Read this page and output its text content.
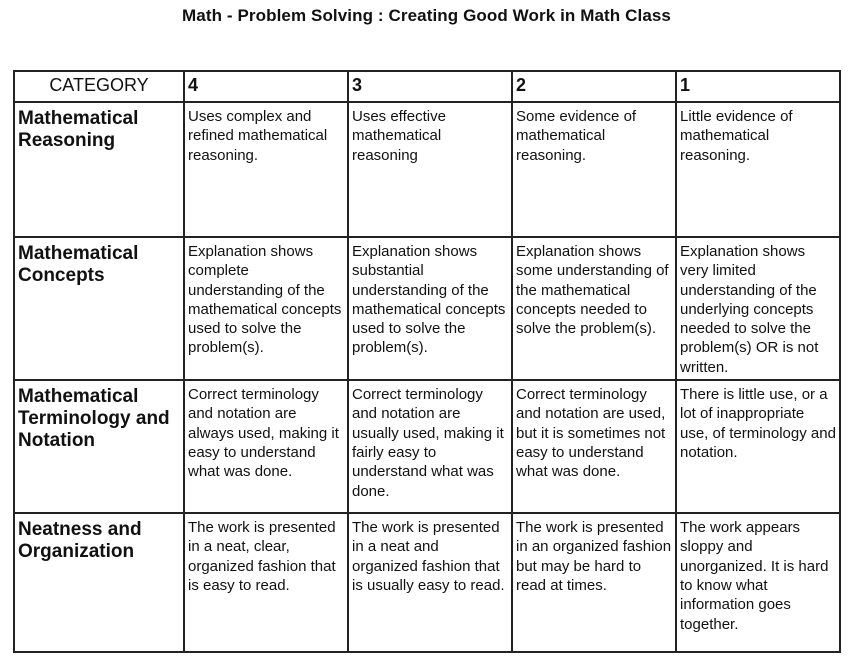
Math - Problem Solving : Creating Good Work in Math Class
CATEGORY	4	3	2	1
Mathematical Reasoning	Uses complex and refined mathematical reasoning.	Uses effective mathematical reasoning	Some evidence of mathematical reasoning.	Little evidence of mathematical reasoning.
Mathematical Concepts	Explanation shows complete understanding of the mathematical concepts used to solve the problem(s).	Explanation shows substantial understanding of the mathematical concepts used to solve the problem(s).	Explanation shows some understanding of the mathematical concepts needed to solve the problem(s).	Explanation shows very limited understanding of the underlying concepts needed to solve the problem(s) OR is not written.
Mathematical Terminology and Notation	Correct terminology and notation are always used, making it easy to understand what was done.	Correct terminology and notation are usually used, making it fairly easy to understand what was done.	Correct terminology and notation are used, but it is sometimes not easy to understand what was done.	There is little use, or a lot of inappropriate use, of terminology and notation.
Neatness and Organization	The work is presented in a neat, clear, organized fashion that is easy to read.	The work is presented in a neat and organized fashion that is usually easy to read.	The work is presented in an organized fashion but may be hard to read at times.	The work appears sloppy and unorganized. It is hard to know what information goes together.
